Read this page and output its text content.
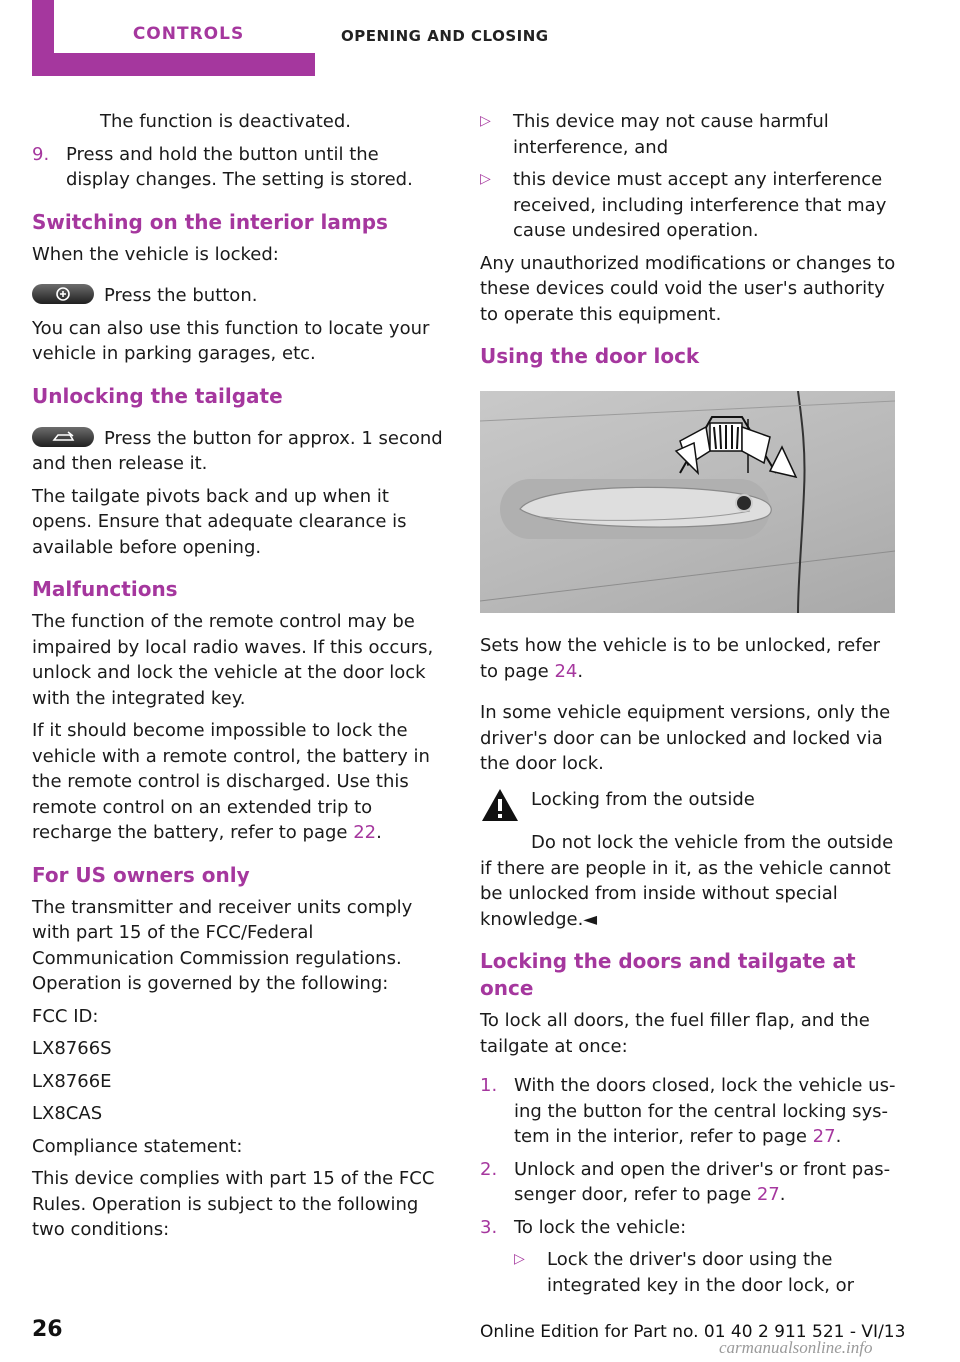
CONTROLS	OPENING AND CLOSING

The function is deactivated.

9. Press and hold the button until the display changes. The setting is stored.
Switching on the interior lamps

When the vehicle is locked:

Press the button.

You can also use this function to locate your vehicle in parking garages, etc.

Unlocking the tailgate

Press the button for approx. 1 second and then release it.

The tailgate pivots back and up when it opens. Ensure that adequate clearance is available before opening.

Malfunctions

The function of the remote control may be impaired by local radio waves. If this occurs, unlock and lock the vehicle at the door lock with the integrated key.

If it should become impossible to lock the vehicle with a remote control, the battery in the remote control is discharged. Use this remote control on an extended trip to recharge the battery, refer to page 22.

For US owners only

The transmitter and receiver units comply with part 15 of the FCC/Federal Communication Commission regulations. Operation is governed by the following:

FCC ID:

LX8766S

LX8766E

LX8CAS

Compliance statement:

This device complies with part 15 of the FCC Rules. Operation is subject to the following two conditions:

▷	This device may not cause harmful interference, and
▷	this device must accept any interference received, including interference that may cause undesired operation.

Any unauthorized modifications or changes to these devices could void the user's authority to operate this equipment.

Using the door lock

Sets how the vehicle is to be unlocked, refer to page 24.

In some vehicle equipment versions, only the driver's door can be unlocked and locked via the door lock.

Locking from the outside

Do not lock the vehicle from the outside if there are people in it, as the vehicle cannot be unlocked from inside without special knowledge.◄

Locking the doors and tailgate at once

To lock all doors, the fuel filler flap, and the tailgate at once:

1. With the doors closed, lock the vehicle using the button for the central locking system in the interior, refer to page 27.
2. Unlock and open the driver's or front passenger door, refer to page 27.
3. To lock the vehicle:
▷	Lock the driver's door using the integrated key in the door lock, or
26	Online Edition for Part no. 01 40 2 911 521 - VI/13
carmanualsonline.info
